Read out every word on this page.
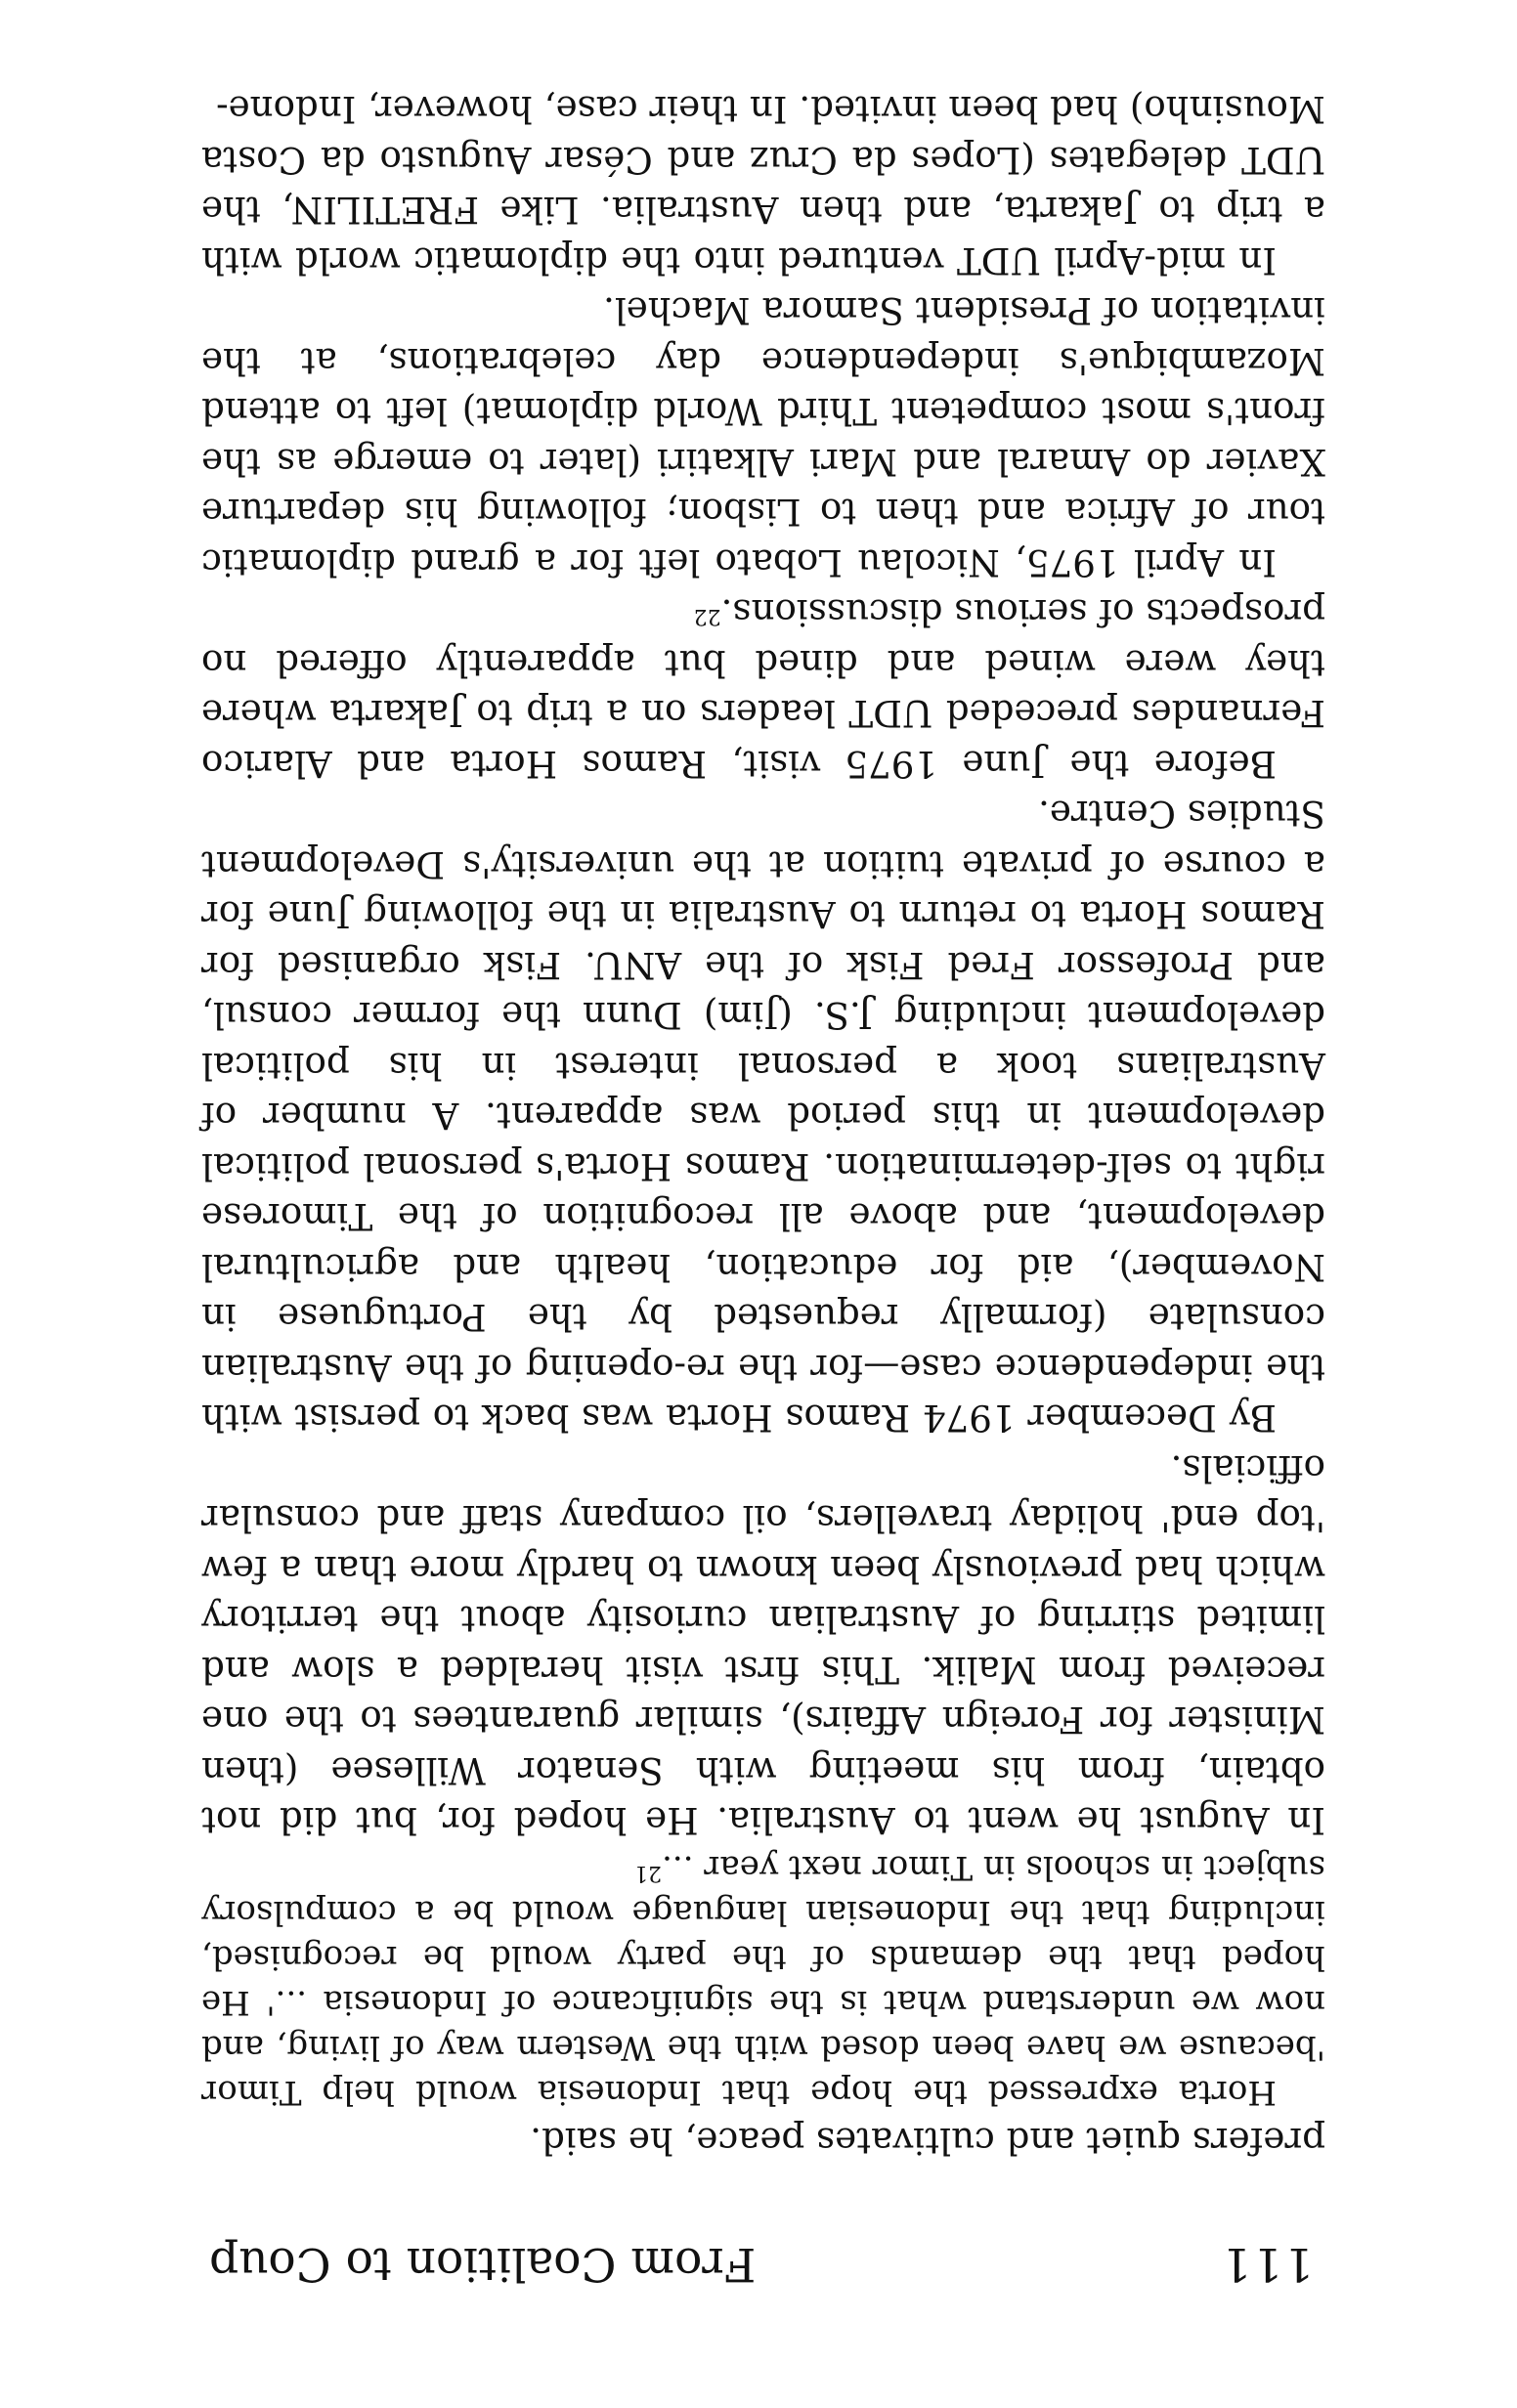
111
From Coalition to Coup

prefers quiet and cultivates peace, he said.

Horta expressed the hope that Indonesia would help Timor 'because we have been dosed with the Western way of living, and now we understand what is the significance of Indonesia ...' He hoped that the demands of the party would be recognised, including that the Indonesian language would be a compulsory subject in schools in Timor next year ...$^{21}$

In August he went to Australia. He hoped for, but did not obtain, from his meeting with Senator Willesee (then Minister for Foreign Affairs), similar guarantees to the one received from Malik. This first visit heralded a slow and limited stirring of Australian curiosity about the territory which had previously been known to hardly more than a few 'top end' holiday travellers, oil company staff and consular officials.

By December 1974 Ramos Horta was back to persist with the independence case—for the re-opening of the Australian consulate (formally requested by the Portuguese in November), aid for education, health and agricultural development, and above all recognition of the Timorese right to self-determination. Ramos Horta's personal political development in this period was apparent. A number of Australians took a personal interest in his political development including J.S. (Jim) Dunn the former consul, and Professor Fred Fisk of the ANU. Fisk organised for Ramos Horta to return to Australia in the following June for a course of private tuition at the university's Development Studies Centre.

Before the June 1975 visit, Ramos Horta and Alarico Fernandes preceded UDT leaders on a trip to Jakarta where they were wined and dined but apparently offered no prospects of serious discussions.$^{22}$

In April 1975, Nicolau Lobato left for a grand diplomatic tour of Africa and then to Lisbon; following his departure Xavier do Amaral and Mari Alkatiri (later to emerge as the front's most competent Third World diplomat) left to attend Mozambique's independence day celebrations, at the invitation of President Samora Machel.

In mid-April UDT ventured into the diplomatic world with a trip to Jakarta, and then Australia. Like FRETILIN, the UDT delegates (Lopes da Cruz and César Augusto da Costa Mousinho) had been invited. In their case, however, Indone-
